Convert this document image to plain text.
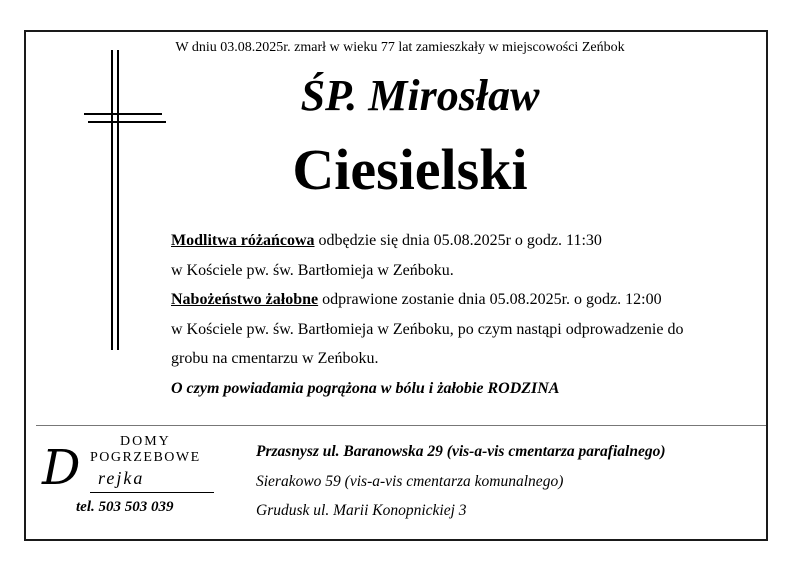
W dniu 03.08.2025r. zmarł w wieku 77 lat zamieszkały w miejscowości Zeńbok
ŚP. Mirosław
Ciesielski
Modlitwa różańcowa odbędzie się dnia 05.08.2025r o godz. 11:30
w Kościele pw. św. Bartłomieja w Zeńboku.
Nabożeństwo żałobne odprawione zostanie dnia 05.08.2025r. o godz. 12:00
w Kościele pw. św. Bartłomieja w Zeńboku, po czym nastąpi odprowadzenie do
grobu na cmentarzu w Zeńboku.
O czym powiadamia pogrążona w bólu i żałobie RODZINA
DOMY
POGRZEBOWE
D rejka
tel. 503 503 039
Przasnysz ul. Baranowska 29 (vis-a-vis cmentarza parafialnego)
Sierakowo 59 (vis-a-vis cmentarza komunalnego)
Grudusk ul. Marii Konopnickiej 3
